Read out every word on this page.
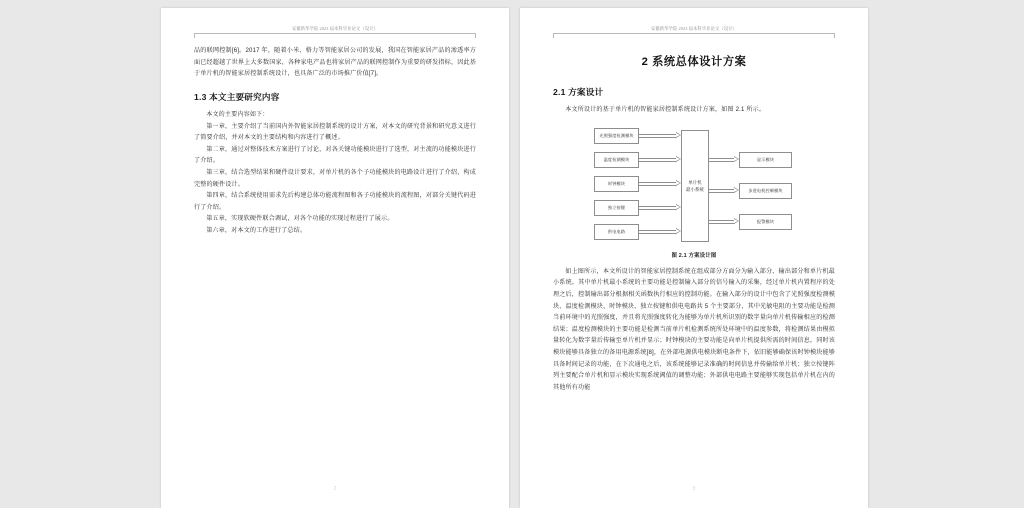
安徽新华学院 2023 届本科毕业论文（设计）

品的联网控制[6]。2017 年，随着小米、格力等智能家居公司的发展，我国在智能家居产品的渗透率方面已经超越了世界上大多数国家，各种家电产品也将家居产品的联网控制作为重要的研发指标，因此基于单片机的智能家居控制系统设计，也具备广泛的市场推广价值[7]。

1.3 本文主要研究内容

本文的主要内容如下：

第一章，主要介绍了当前国内外智能家居控制系统的设计方案，对本文的研究背景和研究意义进行了简要介绍，并对本文的主要结构和内容进行了概述。

第二章，通过对整体技术方案进行了讨论，对各关键功能模块进行了选型，对主流的功能模块进行了介绍。

第三章，结合选型结果和硬件设计要求，对单片机的各个子功能模块的电路设计进行了介绍，构成完整的硬件设计。

第四章，结合系统使用需求先后构建总体功能流程图和各子功能模块的流程图，对部分关键代码进行了介绍。

第五章，实现软硬件联合调试，对各个功能的实现过程进行了展示。

第六章，对本文的工作进行了总结。

2
安徽新华学院 2023 届本科毕业论文（设计）
2 系统总体设计方案
2.1 方案设计

本文所设计的基于单片机的智能家居控制系统设计方案，如图 2.1 所示。

光照强度检测模块
温度检测模块
时钟模块
独立按键
供电电路
单片机
最小系统
显示模块
步进电机控制模块
报警模块
图 2.1 方案设计图

如上图所示，本文所设计的智能家居控制系统在组成部分方面分为输入部分、输出部分和单片机最小系统。其中单片机最小系统的主要功能是控制输入部分的信号输入的采集，经过单片机内置程序的处理之后，控制输出部分根据相关函数执行相应的控制功能。在输入部分的设计中包含了光照强度检测模块、温度检测模块、时钟模块、独立按键和供电电路共 5 个主要部分，其中光敏电阻的主要功能是检测当前环境中的光照强度，并且将光照强度转化为能够为单片机所识别的数字量向单片机传输相应的检测结果；温度检测模块的主要功能是检测当前单片机检测系统所处环境中的温度参数，将检测结果由模拟量转化为数字量后传输至单片机并显示；时钟模块的主要功能是向单片机提供所需的时间信息，同时该模块能够具备独立的备用电源系统[8]，在外部电源供电模块断电条件下，依旧能够确保该时钟模块能够具备时间记录的功能，在下次通电之后，该系统能够记录准确的时间信息并传输给单片机；独立按键阵列主要配合单片机和显示模块实现系统阈值的调整功能；外部供电电路主要能够实现包括单片机在内的其他所有功能

3
